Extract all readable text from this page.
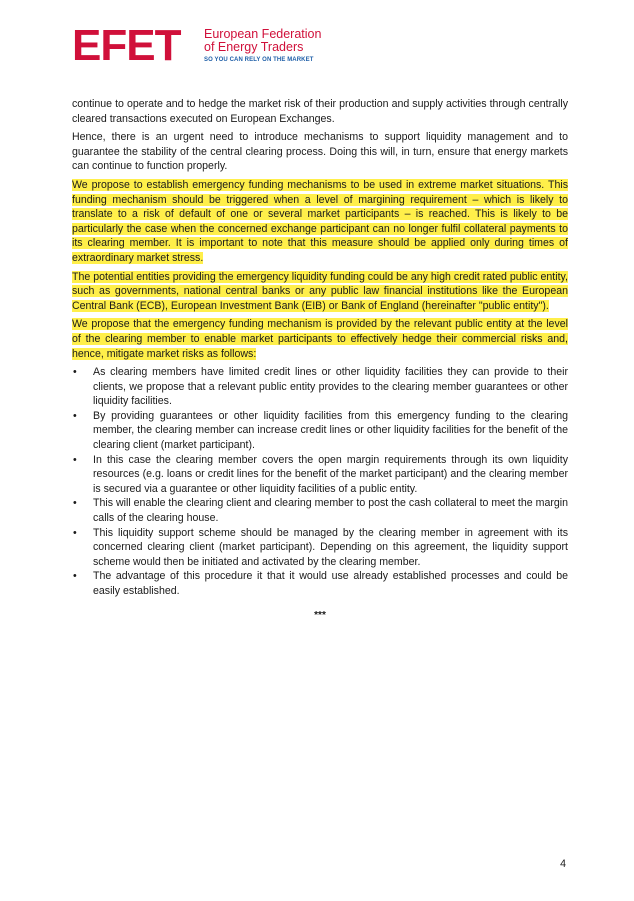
EFET European Federation
of Energy Traders
SO YOU CAN RELY ON THE MARKET

continue to operate and to hedge the market risk of their production and supply activities through centrally cleared transactions executed on European Exchanges.

Hence, there is an urgent need to introduce mechanisms to support liquidity management and to guarantee the stability of the central clearing process. Doing this will, in turn, ensure that energy markets can continue to function properly.

We propose to establish emergency funding mechanisms to be used in extreme market situations. This funding mechanism should be triggered when a level of margining requirement – which is likely to translate to a risk of default of one or several market participants – is reached. This is likely to be particularly the case when the concerned exchange participant can no longer fulfil collateral payments to its clearing member. It is important to note that this measure should be applied only during times of extraordinary market stress.

The potential entities providing the emergency liquidity funding could be any high credit rated public entity, such as governments, national central banks or any public law financial institutions like the European Central Bank (ECB), European Investment Bank (EIB) or Bank of England (hereinafter "public entity").

We propose that the emergency funding mechanism is provided by the relevant public entity at the level of the clearing member to enable market participants to effectively hedge their commercial risks and, hence, mitigate market risks as follows:

• As clearing members have limited credit lines or other liquidity facilities they can provide to their clients, we propose that a relevant public entity provides to the clearing member guarantees or other liquidity facilities.
• By providing guarantees or other liquidity facilities from this emergency funding to the clearing member, the clearing member can increase credit lines or other liquidity facilities for the benefit of the clearing client (market participant).
• In this case the clearing member covers the open margin requirements through its own liquidity resources (e.g. loans or credit lines for the benefit of the market participant) and the clearing member is secured via a guarantee or other liquidity facilities of a public entity.
• This will enable the clearing client and clearing member to post the cash collateral to meet the margin calls of the clearing house.
• This liquidity support scheme should be managed by the clearing member in agreement with its concerned clearing client (market participant). Depending on this agreement, the liquidity support scheme would then be initiated and activated by the clearing member.
• The advantage of this procedure it that it would use already established processes and could be easily established.
***
4
